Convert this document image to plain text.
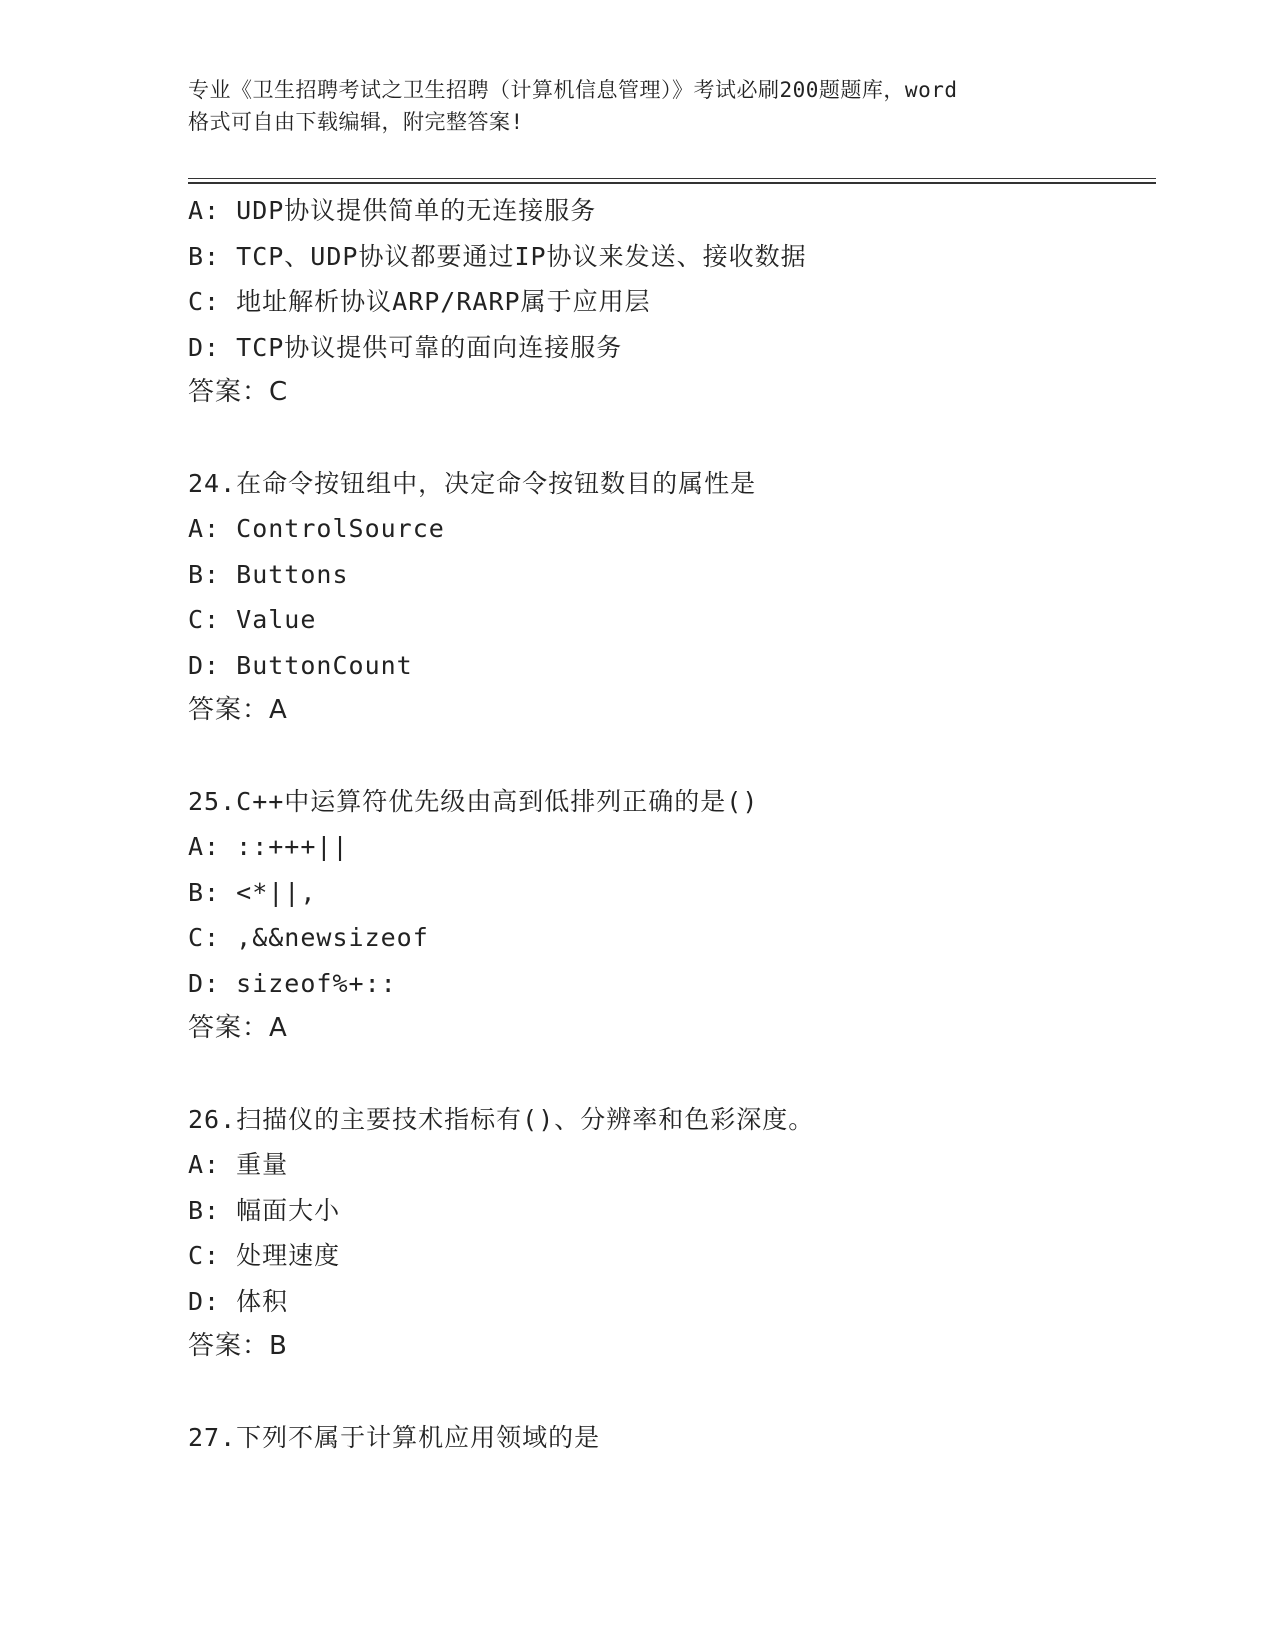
专业《卫生招聘考试之卫生招聘（计算机信息管理）》考试必刷200题题库，word
格式可自由下载编辑，附完整答案!
A: UDP协议提供简单的无连接服务
B: TCP、UDP协议都要通过IP协议来发送、接收数据
C: 地址解析协议ARP/RARP属于应用层
D: TCP协议提供可靠的面向连接服务
答案：C
24.在命令按钮组中，决定命令按钮数目的属性是
A: ControlSource
B: Buttons
C: Value
D: ButtonCount
答案：A
25.C++中运算符优先级由高到低排列正确的是()
A: ::+++||
B: <*||,
C: ,&&newsizeof
D: sizeof%+::
答案：A
26.扫描仪的主要技术指标有()、分辨率和色彩深度。
A: 重量
B: 幅面大小
C: 处理速度
D: 体积
答案：B
27.下列不属于计算机应用领域的是
